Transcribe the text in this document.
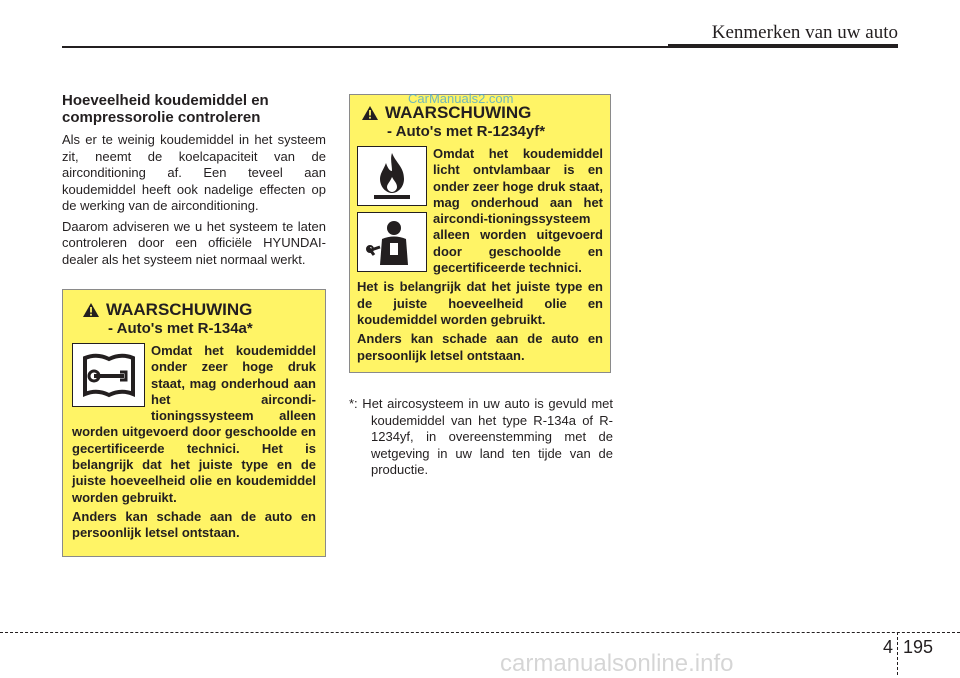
Kenmerken van uw auto
Hoeveelheid koudemiddel en compressorolie controleren

Als er te weinig koudemiddel in het systeem zit, neemt de koelcapaciteit van de airconditioning af. Een teveel aan koudemiddel heeft ook nadelige effecten op de werking van de airconditioning.

Daarom adviseren we u het systeem te laten controleren door een officiële HYUNDAI-dealer als het systeem niet normaal werkt.

WAARSCHUWING
- Auto's met R-134a*

Omdat het koudemiddel onder zeer hoge druk staat, mag onderhoud aan het aircondi-tioningssysteem alleen worden uitgevoerd door geschoolde en gecertificeerde technici. Het is belangrijk dat het juiste type en de juiste hoeveelheid olie en koudemiddel worden gebruikt.

Anders kan schade aan de auto en persoonlijk letsel ontstaan.

WAARSCHUWING
- Auto's met R-1234yf*

Omdat het koudemiddel licht ontvlambaar is en onder zeer hoge druk staat, mag onderhoud aan het aircondi-tioningssysteem alleen worden uitgevoerd door geschoolde en gecertificeerde technici.

Het is belangrijk dat het juiste type en de juiste hoeveelheid olie en koudemiddel worden gebruikt.

Anders kan schade aan de auto en persoonlijk letsel ontstaan.

CarManuals2.com
*: Het aircosysteem in uw auto is gevuld met koudemiddel van het type R-134a of R- 1234yf, in overeenstemming met de wetgeving in uw land ten tijde van de productie.
4 195
carmanualsonline.info
